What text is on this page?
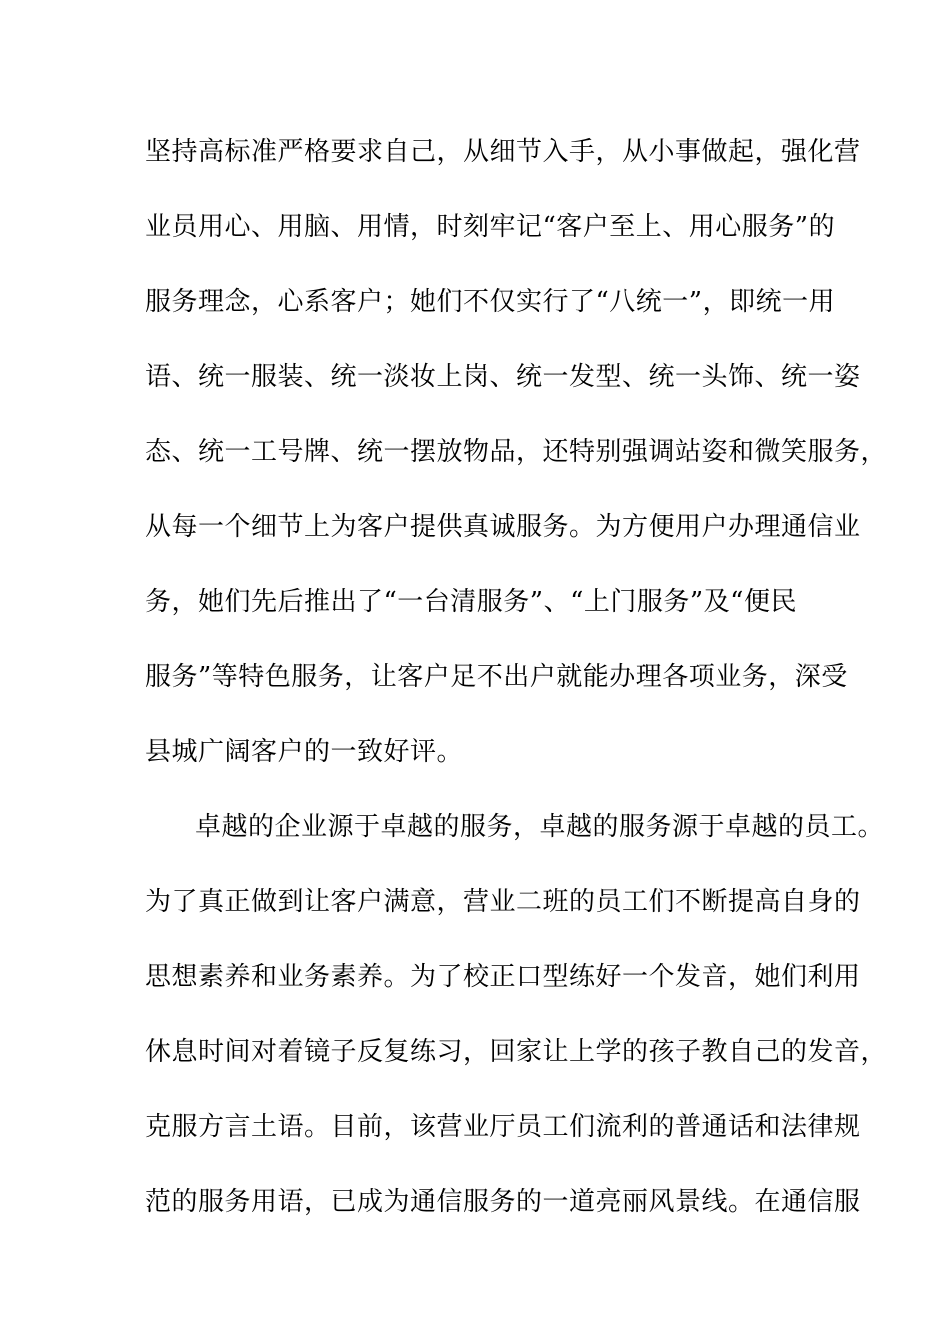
坚持高标准严格要求自己，从细节入手，从小事做起，强化营
业员用心、用脑、用情，时刻牢记“客户至上、用心服务”的
服务理念，心系客户；她们不仅实行了“八统一”，即统一用
语、统一服装、统一淡妆上岗、统一发型、统一头饰、统一姿
态、统一工号牌、统一摆放物品，还特别强调站姿和微笑服务，
从每一个细节上为客户提供真诚服务。为方便用户办理通信业
务，她们先后推出了“一台清服务”、“上门服务”及“便民
服务”等特色服务，让客户足不出户就能办理各项业务，深受
县城广阔客户的一致好评。
卓越的企业源于卓越的服务，卓越的服务源于卓越的员工。
为了真正做到让客户满意，营业二班的员工们不断提高自身的
思想素养和业务素养。为了校正口型练好一个发音，她们利用
休息时间对着镜子反复练习，回家让上学的孩子教自己的发音，
克服方言土语。目前，该营业厅员工们流利的普通话和法律规
范的服务用语，已成为通信服务的一道亮丽风景线。在通信服
